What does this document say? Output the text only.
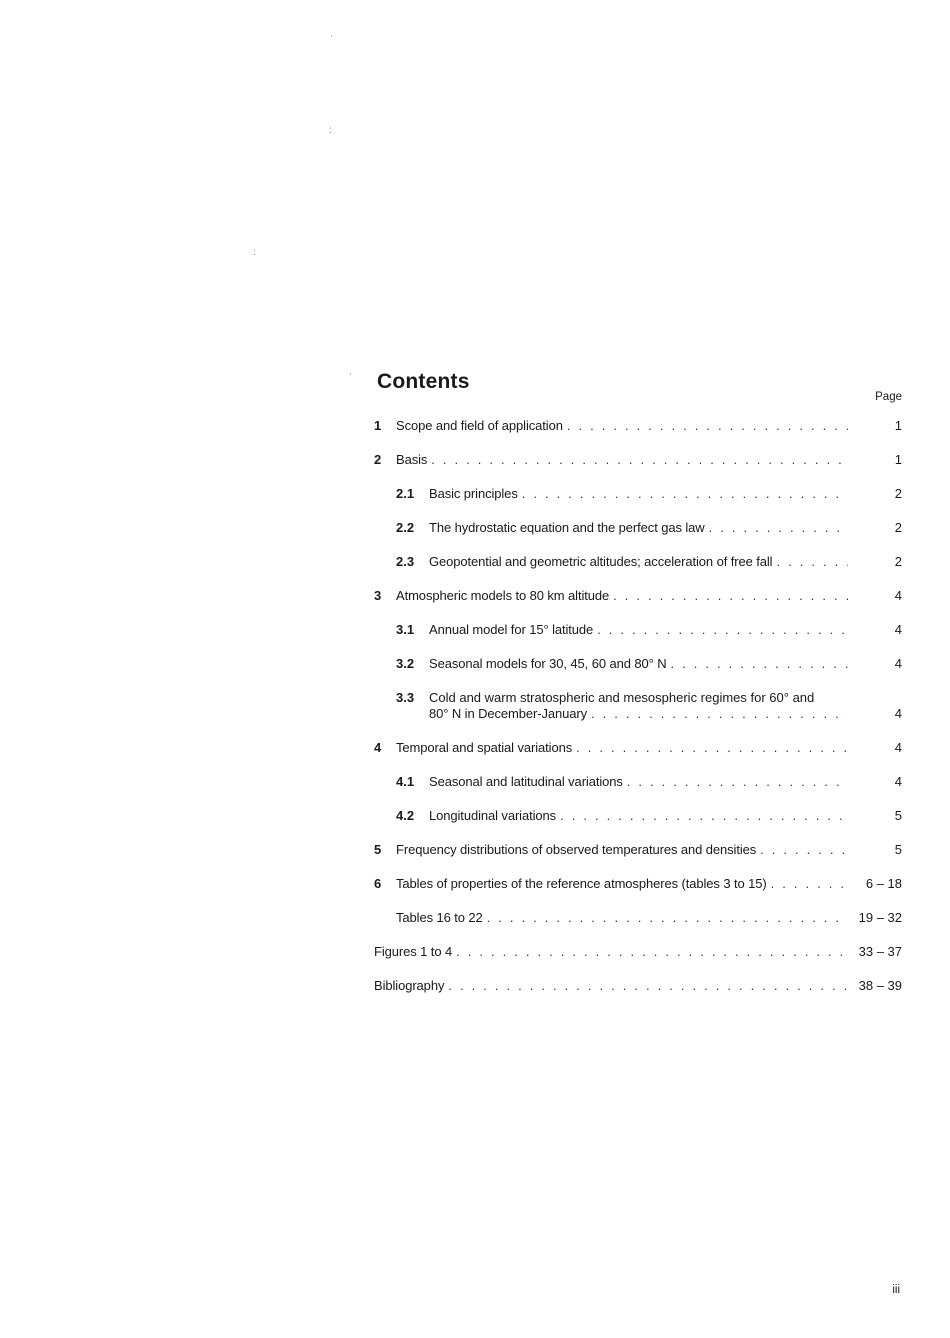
ˈ
:
:
ˈ Contents
Page
1	Scope and field of application . . .	1
2	Basis . . .	1
2.1	Basic principles . . .	2
2.2	The hydrostatic equation and the perfect gas law . . .	2
2.3	Geopotential and geometric altitudes; acceleration of free fall . . .	2
3	Atmospheric models to 80 km altitude . . .	4
3.1	Annual model for 15° latitude . . .	4
3.2	Seasonal models for 30, 45, 60 and 80° N . . .	4
3.3	Cold and warm stratospheric and mesospheric regimes for 60° and
80° N in December-January . . .	4
4	Temporal and spatial variations . . .	4
4.1	Seasonal and latitudinal variations . . .	4
4.2	Longitudinal variations . . .	5
5	Frequency distributions of observed temperatures and densities . . .	5
6	Tables of properties of the reference atmospheres (tables 3 to 15) . . .	6 – 18
Tables 16 to 22 . . .	19 – 32
Figures 1 to 4 . . .	33 – 37
Bibliography . . .	38 – 39
iii
